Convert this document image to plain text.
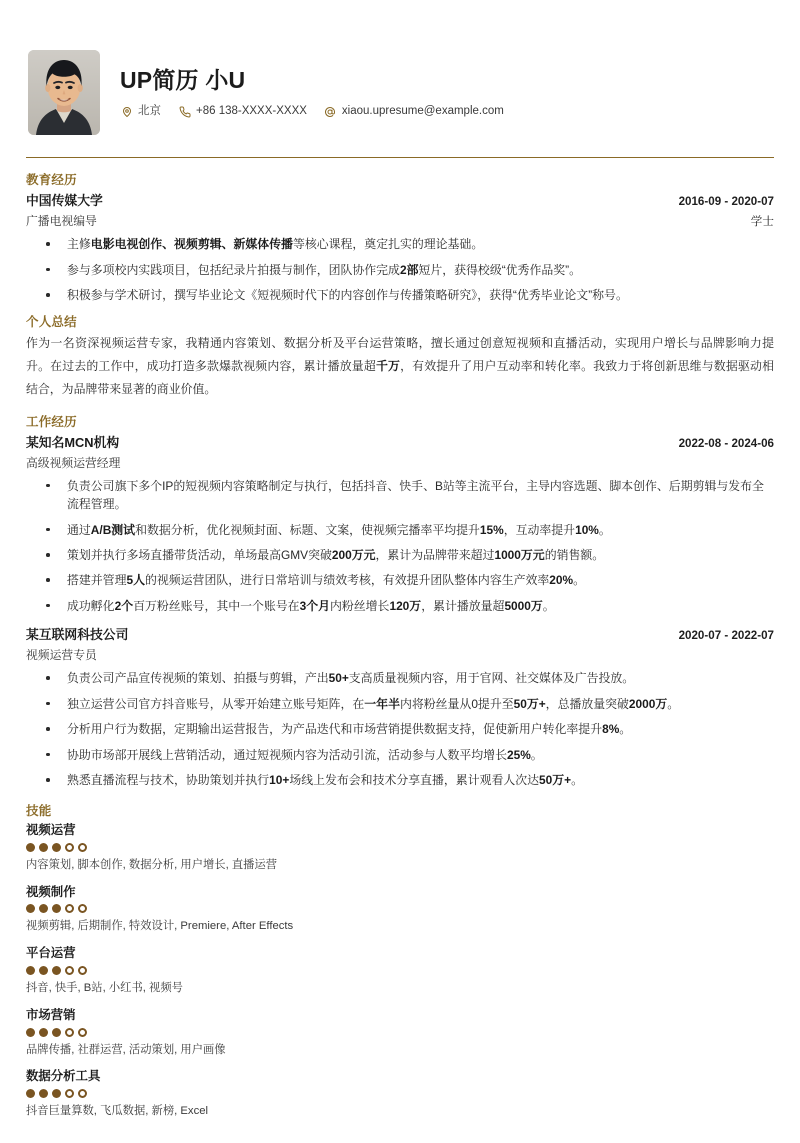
UP简历 小U
北京	+86 138-XXXX-XXXX	xiaou.upresume@example.com
教育经历
中国传媒大学	2016-09 - 2020-07
广播电视编导	学士
主修电影电视创作、视频剪辑、新媒体传播等核心课程，奠定扎实的理论基础。
参与多项校内实践项目，包括纪录片拍摄与制作，团队协作完成2部短片，获得校级“优秀作品奖”。
积极参与学术研讨，撰写毕业论文《短视频时代下的内容创作与传播策略研究》，获得“优秀毕业论文”称号。
个人总结

作为一名资深视频运营专家，我精通内容策划、数据分析及平台运营策略，擅长通过创意短视频和直播活动，实现用户增长与品牌影响力提升。在过去的工作中，成功打造多款爆款视频内容，累计播放量超千万，有效提升了用户互动率和转化率。我致力于将创新思维与数据驱动相结合，为品牌带来显著的商业价值。

工作经历
某知名MCN机构	2022-08 - 2024-06
高级视频运营经理
负责公司旗下多个IP的短视频内容策略制定与执行，包括抖音、快手、B站等主流平台，主导内容选题、脚本创作、后期剪辑与发布全流程管理。
通过A/B测试和数据分析，优化视频封面、标题、文案，使视频完播率平均提升15%，互动率提升10%。
策划并执行多场直播带货活动，单场最高GMV突破200万元，累计为品牌带来超过1000万元的销售额。
搭建并管理5人的视频运营团队，进行日常培训与绩效考核，有效提升团队整体内容生产效率20%。
成功孵化2个百万粉丝账号，其中一个账号在3个月内粉丝增长120万，累计播放量超5000万。
某互联网科技公司	2020-07 - 2022-07
视频运营专员
负责公司产品宣传视频的策划、拍摄与剪辑，产出50+支高质量视频内容，用于官网、社交媒体及广告投放。
独立运营公司官方抖音账号，从零开始建立账号矩阵，在一年半内将粉丝量从0提升至50万+，总播放量突破2000万。
分析用户行为数据，定期输出运营报告，为产品迭代和市场营销提供数据支持，促使新用户转化率提升8%。
协助市场部开展线上营销活动，通过短视频内容为活动引流，活动参与人数平均增长25%。
熟悉直播流程与技术，协助策划并执行10+场线上发布会和技术分享直播，累计观看人次达50万+。
技能
视频运营
内容策划, 脚本创作, 数据分析, 用户增长, 直播运营
视频制作
视频剪辑, 后期制作, 特效设计, Premiere, After Effects
平台运营
抖音, 快手, B站, 小红书, 视频号
市场营销
品牌传播, 社群运营, 活动策划, 用户画像
数据分析工具
抖音巨量算数, 飞瓜数据, 新榜, Excel
